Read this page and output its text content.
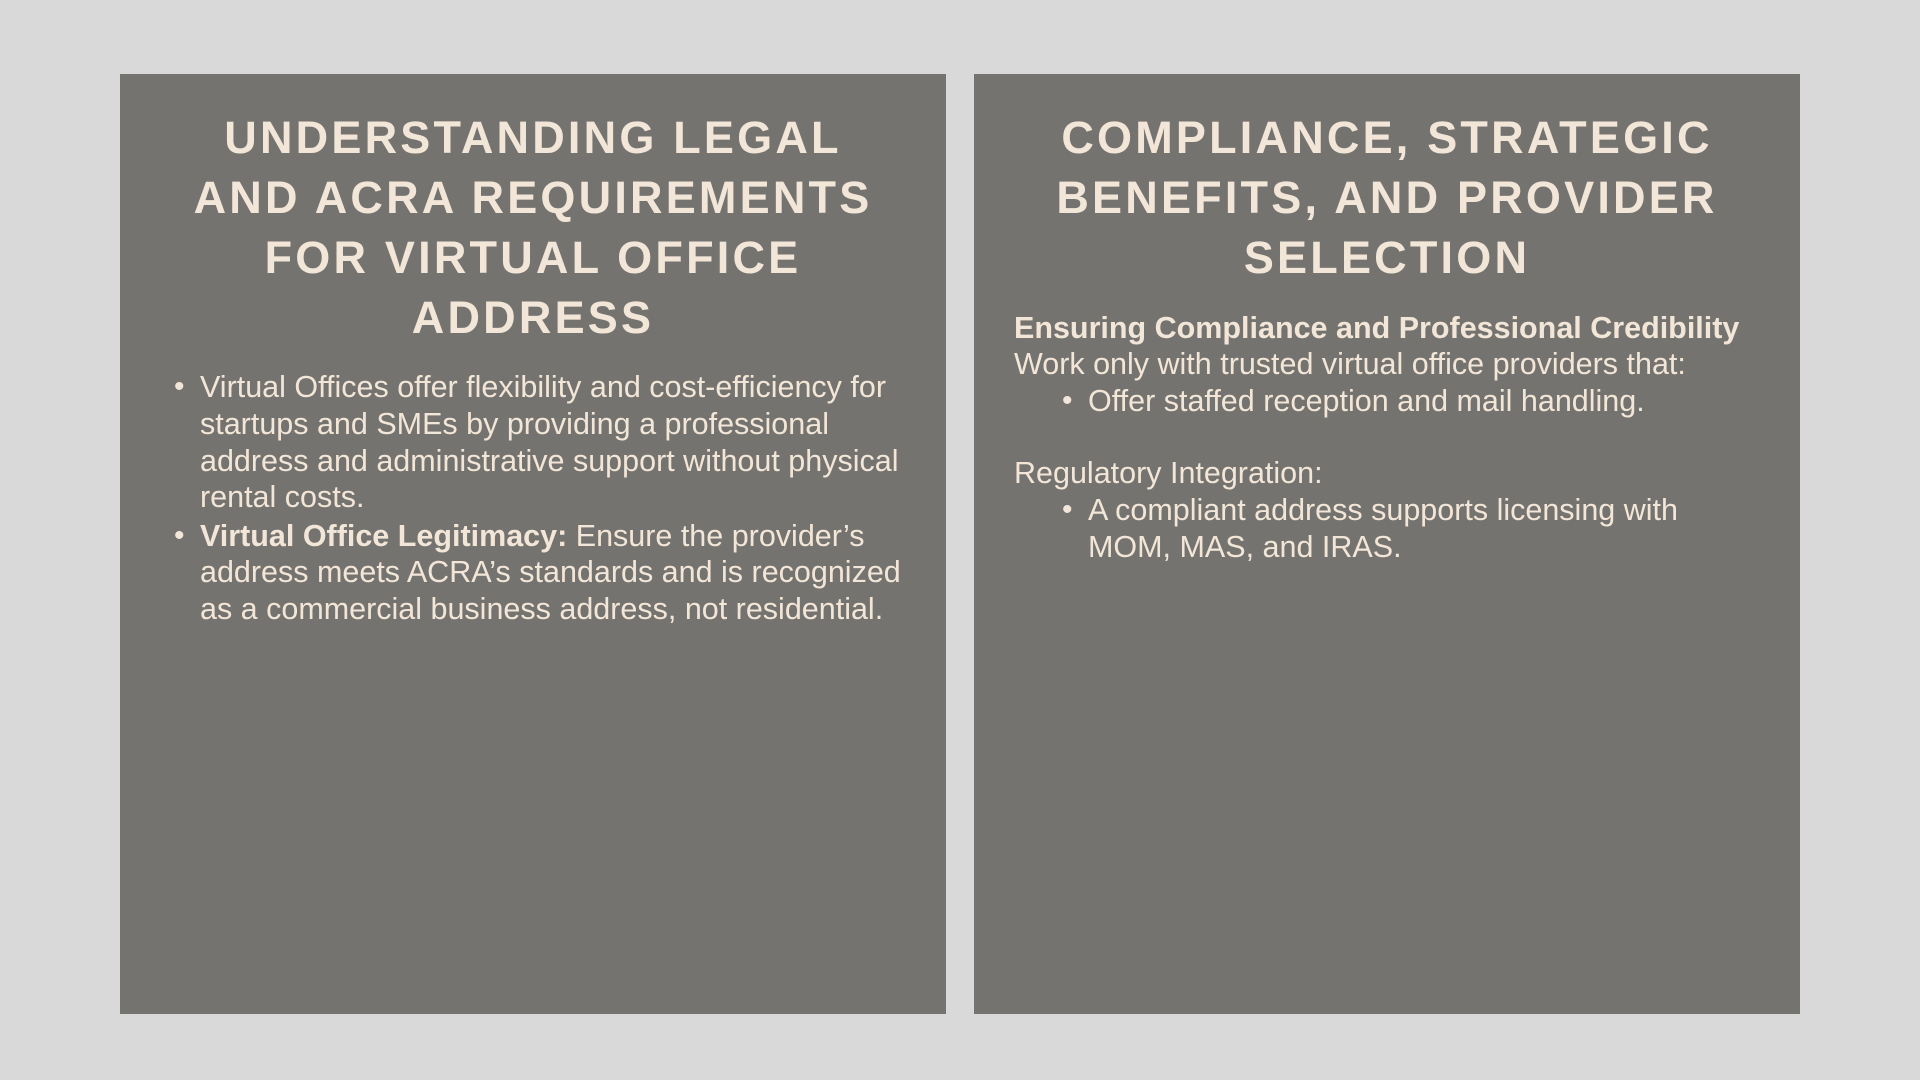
UNDERSTANDING LEGAL AND ACRA REQUIREMENTS FOR VIRTUAL OFFICE ADDRESS
• Virtual Offices offer flexibility and cost-efficiency for startups and SMEs by providing a professional address and administrative support without physical rental costs.
• Virtual Office Legitimacy: Ensure the provider’s address meets ACRA’s standards and is recognized as a commercial business address, not residential.
COMPLIANCE, STRATEGIC BENEFITS, AND PROVIDER SELECTION

Ensuring Compliance and Professional Credibility

Work only with trusted virtual office providers that:

• Offer staffed reception and mail handling.

Regulatory Integration:

• A compliant address supports licensing with MOM, MAS, and IRAS.
